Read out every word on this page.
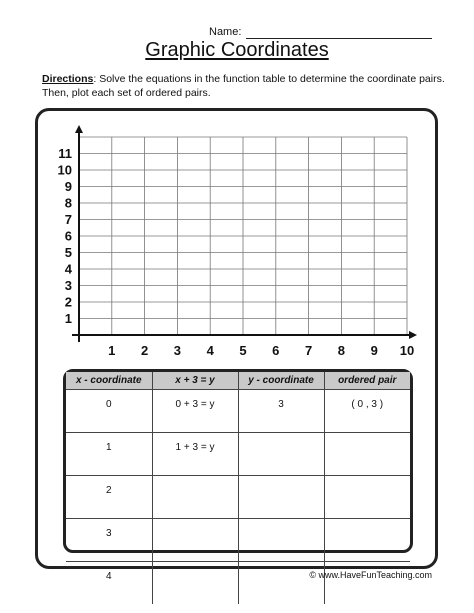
Name:
Graphic Coordinates
Directions: Solve the equations in the function table to determine the coordinate pairs. Then, plot each set of ordered pairs.
1
2
3
4
5
6
7
8
9
10
11
1 2 3 4 5 6 7 8 9 10
x - coordinate	x + 3 = y	y - coordinate	ordered pair
0	0 + 3 = y	3	( 0 , 3 )
1	1 + 3 = y		
2			
3			
4				© www.HaveFunTeaching.com
